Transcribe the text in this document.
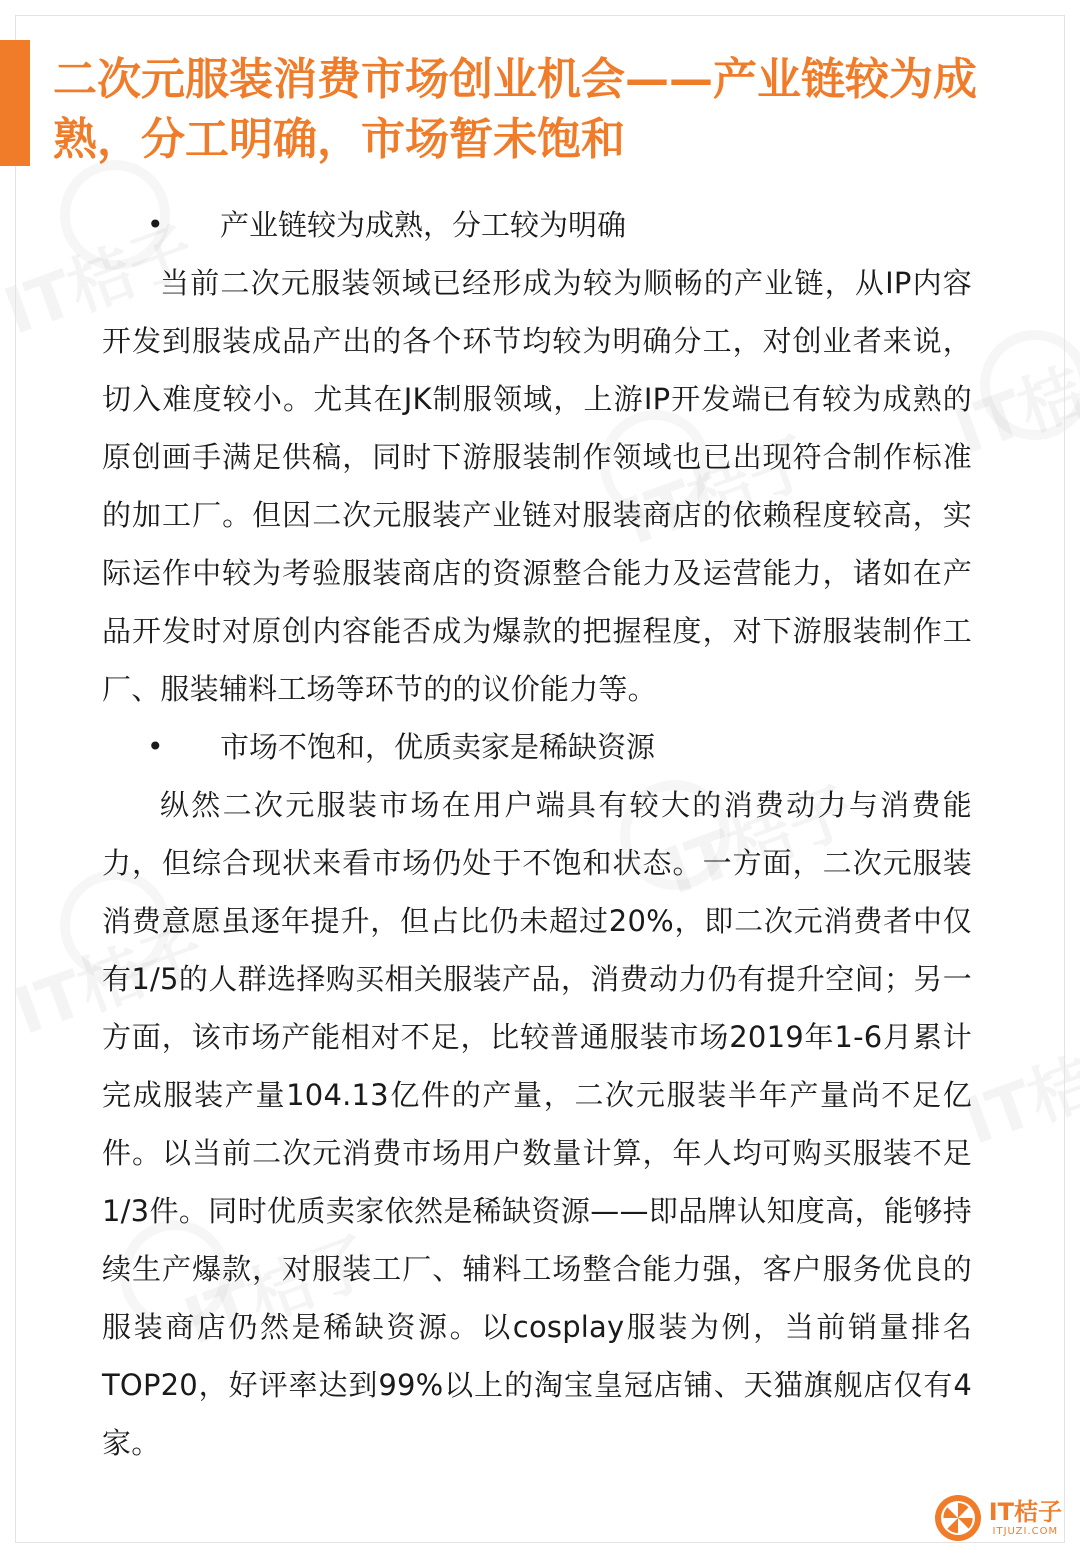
二次元服装消费市场创业机会——产业链较为成熟，分工明确，市场暂未饱和
• 产业链较为成熟，分工较为明确

当前二次元服装领域已经形成为较为顺畅的产业链，从IP内容开发到服装成品产出的各个环节均较为明确分工，对创业者来说，切入难度较小。尤其在JK制服领域，上游IP开发端已有较为成熟的原创画手满足供稿，同时下游服装制作领域也已出现符合制作标准的加工厂。但因二次元服装产业链对服装商店的依赖程度较高，实际运作中较为考验服装商店的资源整合能力及运营能力，诸如在产品开发时对原创内容能否成为爆款的把握程度，对下游服装制作工厂、服装辅料工场等环节的的议价能力等。

• 市场不饱和，优质卖家是稀缺资源

纵然二次元服装市场在用户端具有较大的消费动力与消费能力，但综合现状来看市场仍处于不饱和状态。一方面，二次元服装消费意愿虽逐年提升，但占比仍未超过20%，即二次元消费者中仅有1/5的人群选择购买相关服装产品，消费动力仍有提升空间；另一方面，该市场产能相对不足，比较普通服装市场2019年1-6月累计完成服装产量104.13亿件的产量，二次元服装半年产量尚不足亿件。以当前二次元消费市场用户数量计算，年人均可购买服装不足1/3件。同时优质卖家依然是稀缺资源——即品牌认知度高，能够持续生产爆款，对服装工厂、辅料工场整合能力强，客户服务优良的服装商店仍然是稀缺资源。以cosplay服装为例，当前销量排名TOP20，好评率达到99%以上的淘宝皇冠店铺、天猫旗舰店仅有4家。

IT桔子
ITJUZI.COM
